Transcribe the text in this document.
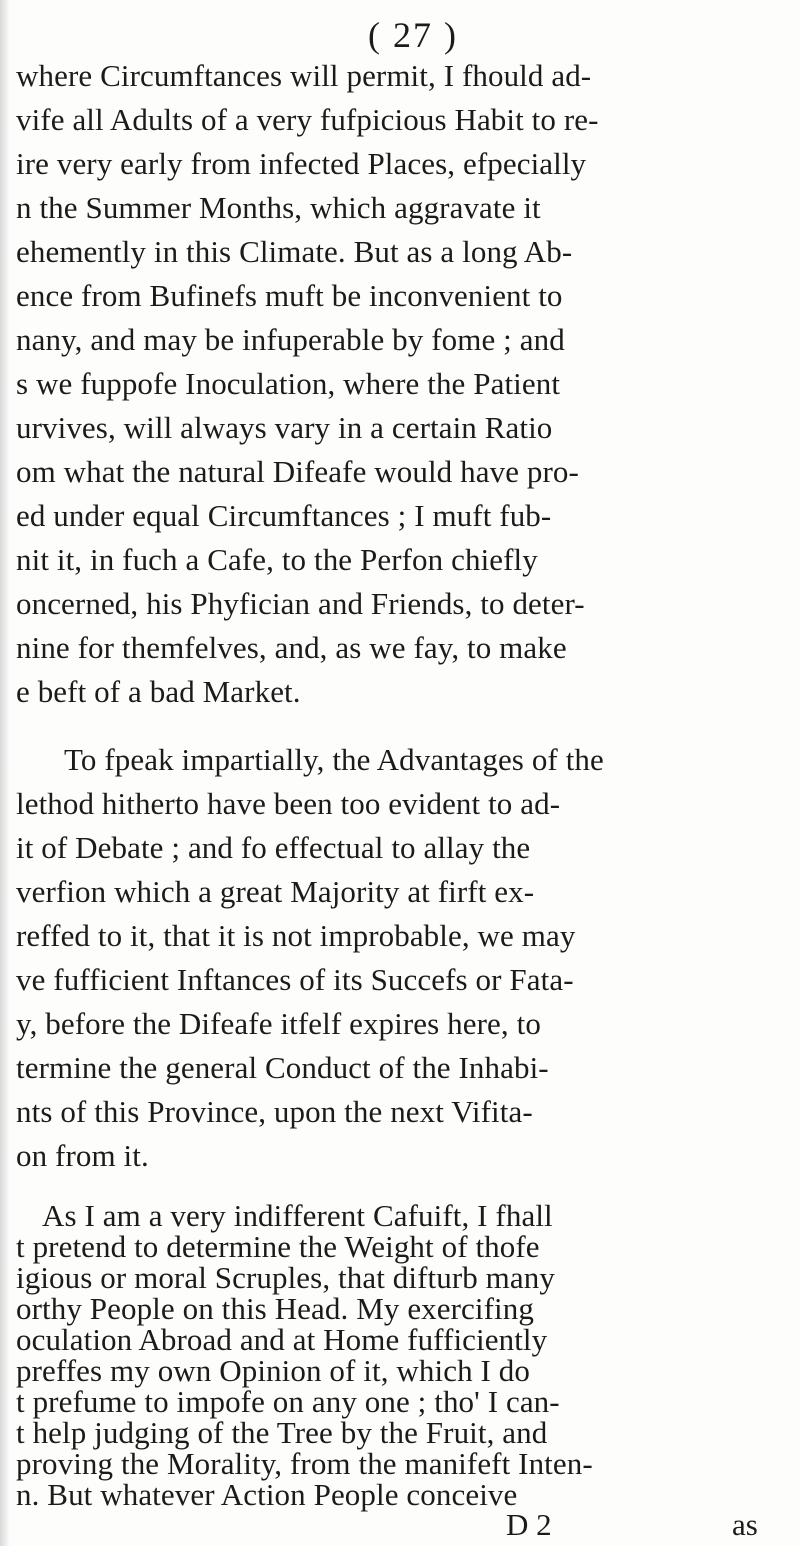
( 27 )
where Circumftances will permit, I fhould ad-
vife all Adults of a very fufpicious Habit to re-
ire very early from infected Places, efpecially
n the Summer Months, which aggravate it
ehemently in this Climate. But as a long Ab-
ence from Bufinefs muft be inconvenient to
nany, and may be infuperable by fome ; and
s we fuppofe Inoculation, where the Patient
urvives, will always vary in a certain Ratio
om what the natural Difeafe would have pro-
ed under equal Circumftances ; I muft fub-
nit it, in fuch a Cafe, to the Perfon chiefly
oncerned, his Phyfician and Friends, to deter-
nine for themfelves, and, as we fay, to make
e beft of a bad Market.
To fpeak impartially, the Advantages of the
lethod hitherto have been too evident to ad-
it of Debate ; and fo effectual to allay the
verfion which a great Majority at firft ex-
reffed to it, that it is not improbable, we may
ve fufficient Inftances of its Succefs or Fata-
y, before the Difeafe itfelf expires here, to
termine the general Conduct of the Inhabi-
nts of this Province, upon the next Vifita-
on from it.
As I am a very indifferent Cafuift, I fhall
t pretend to determine the Weight of thofe
igious or moral Scruples, that difturb many
orthy People on this Head. My exercifing
oculation Abroad and at Home fufficiently
preffes my own Opinion of it, which I do
t prefume to impofe on any one ; tho' I can-
t help judging of the Tree by the Fruit, and
proving the Morality, from the manifeft Inten-
n. But whatever Action People conceive
D 2	as
